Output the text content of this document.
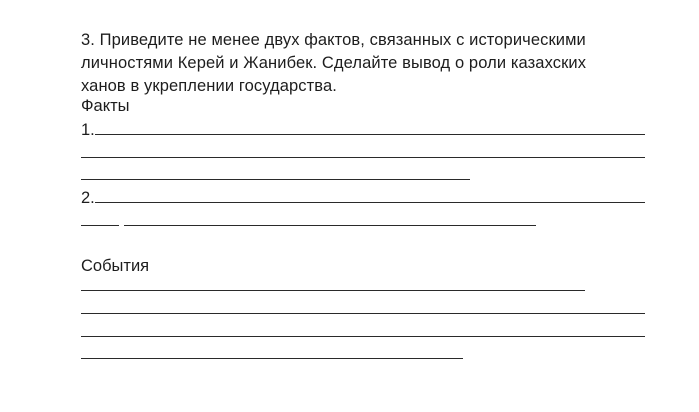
3. Приведите не менее двух фактов, связанных с историческими
личностями Керей и Жанибек. Сделайте вывод о роли казахских
ханов в укреплении государства.
Факты
1.
2.
События
